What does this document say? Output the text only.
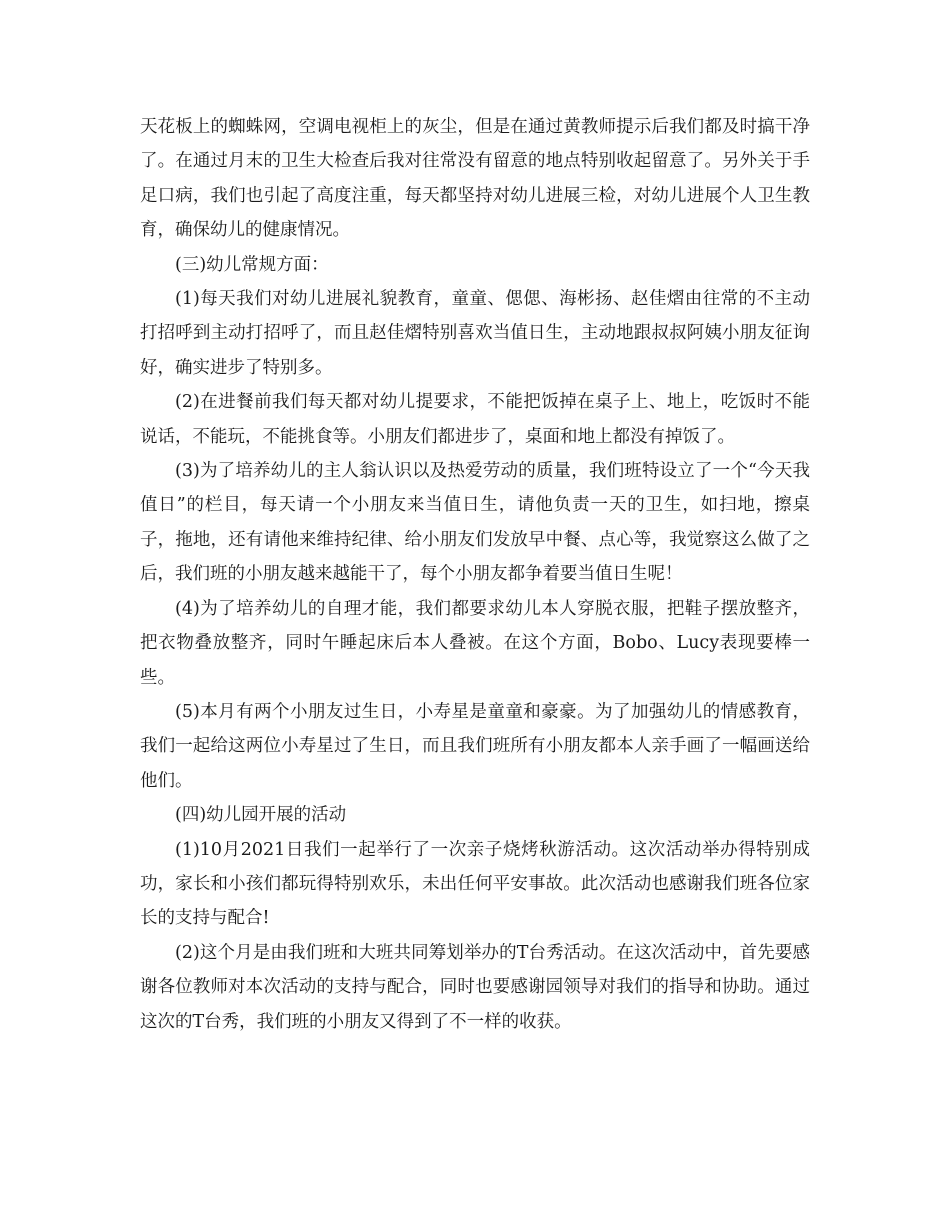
天花板上的蜘蛛网，空调电视柜上的灰尘，但是在通过黄教师提示后我们都及时搞干净了。在通过月末的卫生大检查后我对往常没有留意的地点特别收起留意了。另外关于手足口病，我们也引起了高度注重，每天都坚持对幼儿进展三检，对幼儿进展个人卫生教育，确保幼儿的健康情况。

(三)幼儿常规方面：

(1)每天我们对幼儿进展礼貌教育，童童、偲偲、海彬扬、赵佳熠由往常的不主动打招呼到主动打招呼了，而且赵佳熠特别喜欢当值日生，主动地跟叔叔阿姨小朋友征询好，确实进步了特别多。

(2)在进餐前我们每天都对幼儿提要求，不能把饭掉在桌子上、地上，吃饭时不能说话，不能玩，不能挑食等。小朋友们都进步了，桌面和地上都没有掉饭了。

(3)为了培养幼儿的主人翁认识以及热爱劳动的质量，我们班特设立了一个“今天我值日”的栏目，每天请一个小朋友来当值日生，请他负责一天的卫生，如扫地，擦桌子，拖地，还有请他来维持纪律、给小朋友们发放早中餐、点心等，我觉察这么做了之后，我们班的小朋友越来越能干了，每个小朋友都争着要当值日生呢！

(4)为了培养幼儿的自理才能，我们都要求幼儿本人穿脱衣服，把鞋子摆放整齐，把衣物叠放整齐，同时午睡起床后本人叠被。在这个方面，Bobo、Lucy表现要棒一些。

(5)本月有两个小朋友过生日，小寿星是童童和豪豪。为了加强幼儿的情感教育，我们一起给这两位小寿星过了生日，而且我们班所有小朋友都本人亲手画了一幅画送给他们。

(四)幼儿园开展的活动

(1)10月2021日我们一起举行了一次亲子烧烤秋游活动。这次活动举办得特别成功，家长和小孩们都玩得特别欢乐，未出任何平安事故。此次活动也感谢我们班各位家长的支持与配合!

(2)这个月是由我们班和大班共同筹划举办的T台秀活动。在这次活动中，首先要感谢各位教师对本次活动的支持与配合，同时也要感谢园领导对我们的指导和协助。通过这次的T台秀，我们班的小朋友又得到了不一样的收获。
